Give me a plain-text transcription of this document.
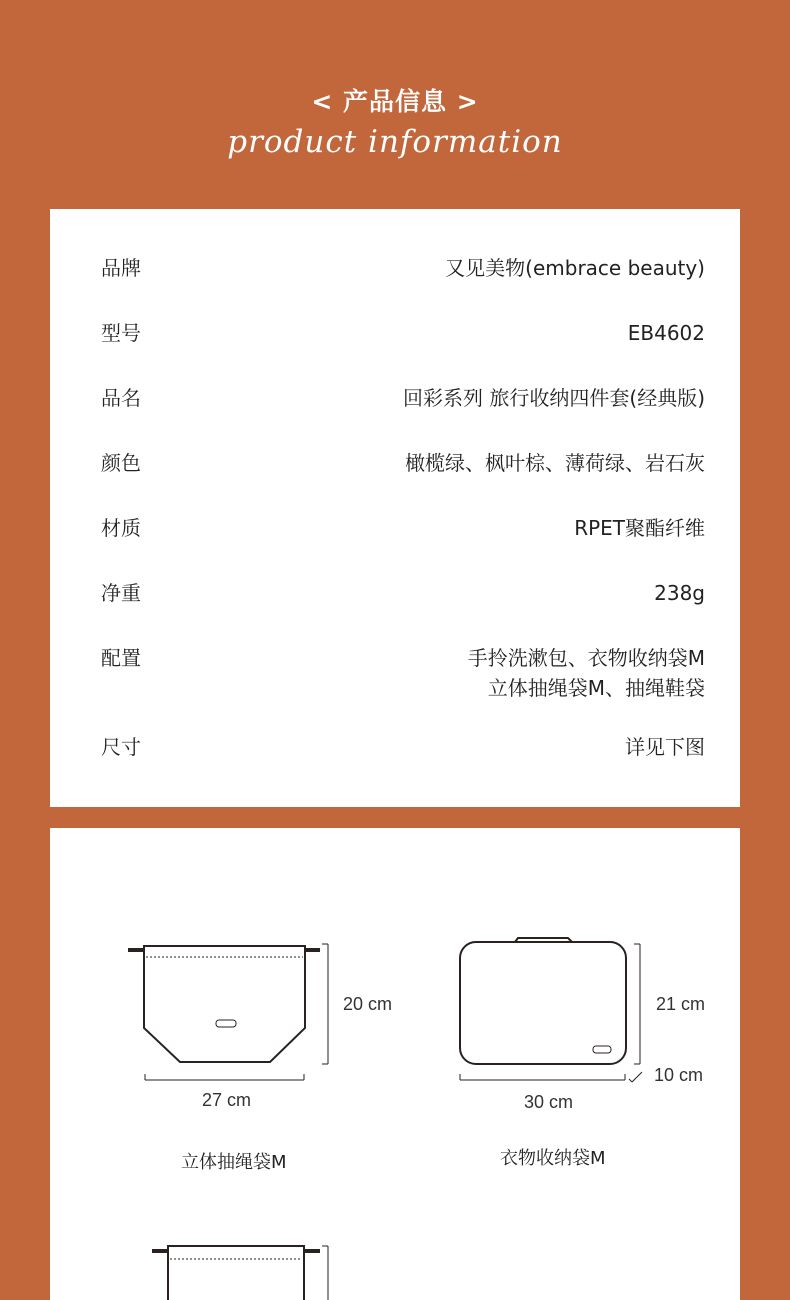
< 产品信息 >
product information
品牌	又见美物(embrace beauty)
型号	EB4602
品名	回彩系列 旅行收纳四件套(经典版)
颜色	橄榄绿、枫叶棕、薄荷绿、岩石灰
材质	RPET聚酯纤维
净重	238g
配置	手拎洗漱包、衣物收纳袋M
立体抽绳袋M、抽绳鞋袋
尺寸	详见下图
20 cm
27 cm
立体抽绳袋M
21 cm
10 cm
30 cm
衣物收纳袋M
